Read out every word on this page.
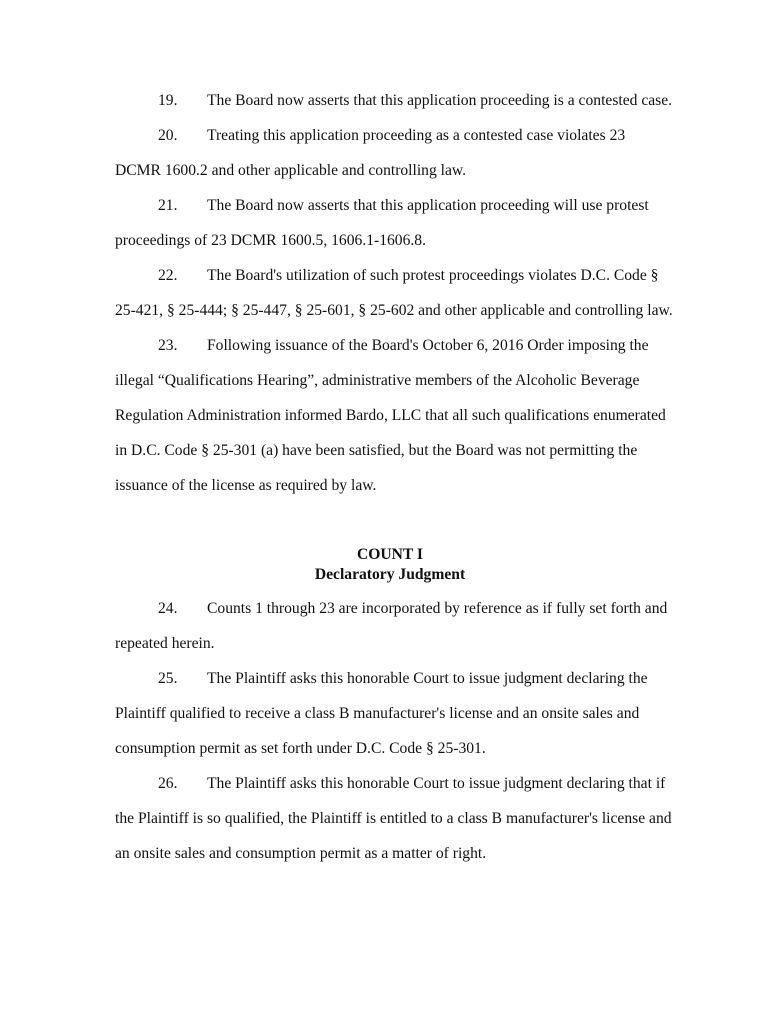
19. The Board now asserts that this application proceeding is a contested case.
20. Treating this application proceeding as a contested case violates 23
DCMR 1600.2 and other applicable and controlling law.
21. The Board now asserts that this application proceeding will use protest
proceedings of 23 DCMR 1600.5, 1606.1-1606.8.
22. The Board's utilization of such protest proceedings violates D.C. Code §
25-421, § 25-444; § 25-447, § 25-601, § 25-602 and other applicable and controlling law.
23. Following issuance of the Board's October 6, 2016 Order imposing the
illegal “Qualifications Hearing”, administrative members of the Alcoholic Beverage
Regulation Administration informed Bardo, LLC that all such qualifications enumerated
in D.C. Code § 25-301 (a) have been satisfied, but the Board was not permitting the
issuance of the license as required by law.
24. Counts 1 through 23 are incorporated by reference as if fully set forth and
repeated herein.
25. The Plaintiff asks this honorable Court to issue judgment declaring the
Plaintiff qualified to receive a class B manufacturer's license and an onsite sales and
consumption permit as set forth under D.C. Code § 25-301.
26. The Plaintiff asks this honorable Court to issue judgment declaring that if
the Plaintiff is so qualified, the Plaintiff is entitled to a class B manufacturer's license and
an onsite sales and consumption permit as a matter of right.
COUNT I
Declaratory Judgment
